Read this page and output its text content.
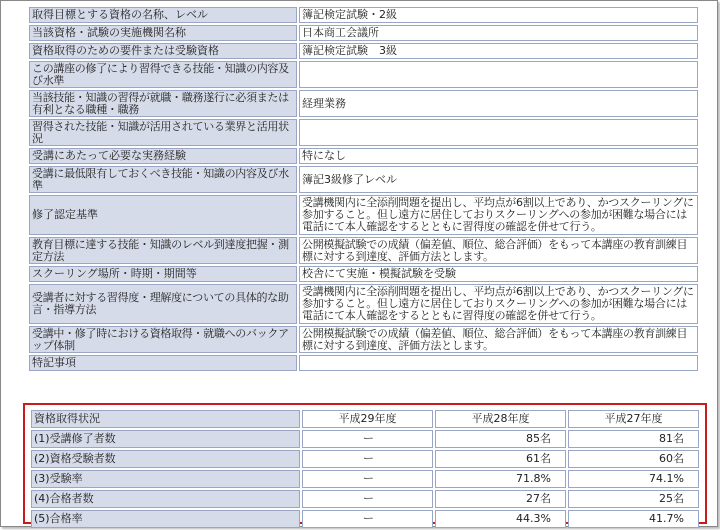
取得目標とする資格の名称、レベル	簿記検定試験・2級
当該資格・試験の実施機関名称	日本商工会議所
資格取得のための要件または受験資格	簿記検定試験　3級
この講座の修了により習得できる技能・知識の内容及び水準	
当該技能・知識の習得が就職・職務遂行に必須または有利となる職種・職務	経理業務
習得された技能・知識が活用されている業界と活用状況	
受講にあたって必要な実務経験	特になし
受講に最低限有しておくべき技能・知識の内容及び水準	簿記3級修了レベル
修了認定基準	受講機関内に全添削問題を提出し、平均点が6割以上であり、かつスクーリングに参加すること。但し遠方に居住しておりスクーリングへの参加が困難な場合には電話にて本人確認をするとともに習得度の確認を併せて行う。
教育目標に達する技能・知識のレベル到達度把握・測定方法	公開模擬試験での成績（偏差値、順位、総合評価）をもって本講座の教育訓練目標に対する到達度、評価方法とします。
スクーリング場所・時期・期間等	校舎にて実施・模擬試験を受験
受講者に対する習得度・理解度についての具体的な助言・指導方法	受講機関内に全添削問題を提出し、平均点が6割以上であり、かつスクーリングに参加すること。但し遠方に居住しておりスクーリングへの参加が困難な場合には電話にて本人確認をするとともに習得度の確認を併せて行う。
受講中・修了時における資格取得・就職へのバックアップ体制	公開模擬試験での成績（偏差値、順位、総合評価）をもって本講座の教育訓練目標に対する到達度、評価方法とします。
特記事項	
資格取得状況	平成29年度	平成28年度	平成27年度
(1)受講修了者数	ー	85名	81名
(2)資格受験者数	ー	61名	60名
(3)受験率	ー	71.8%	74.1%
(4)合格者数	ー	27名	25名
(5)合格率	ー	44.3%	41.7%
